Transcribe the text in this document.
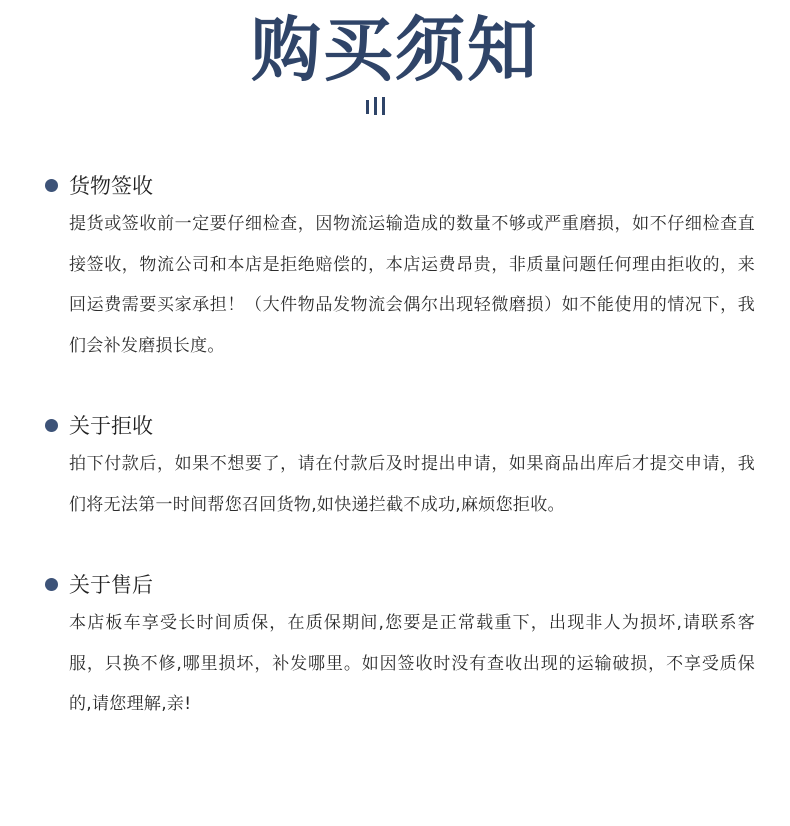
购买须知
货物签收

提货或签收前一定要仔细检查，因物流运输造成的数量不够或严重磨损，如不仔细检查直接签收，物流公司和本店是拒绝赔偿的，本店运费昂贵，非质量问题任何理由拒收的，来回运费需要买家承担！（大件物品发物流会偶尔出现轻微磨损）如不能使用的情况下，我们会补发磨损长度。

关于拒收

拍下付款后，如果不想要了，请在付款后及时提出申请，如果商品出库后才提交申请，我们将无法第一时间帮您召回货物,如快递拦截不成功,麻烦您拒收。

关于售后

本店板车享受长时间质保，在质保期间,您要是正常载重下，出现非人为损坏,请联系客服，只换不修,哪里损坏，补发哪里。如因签收时没有查收出现的运输破损，不享受质保的,请您理解,亲!
